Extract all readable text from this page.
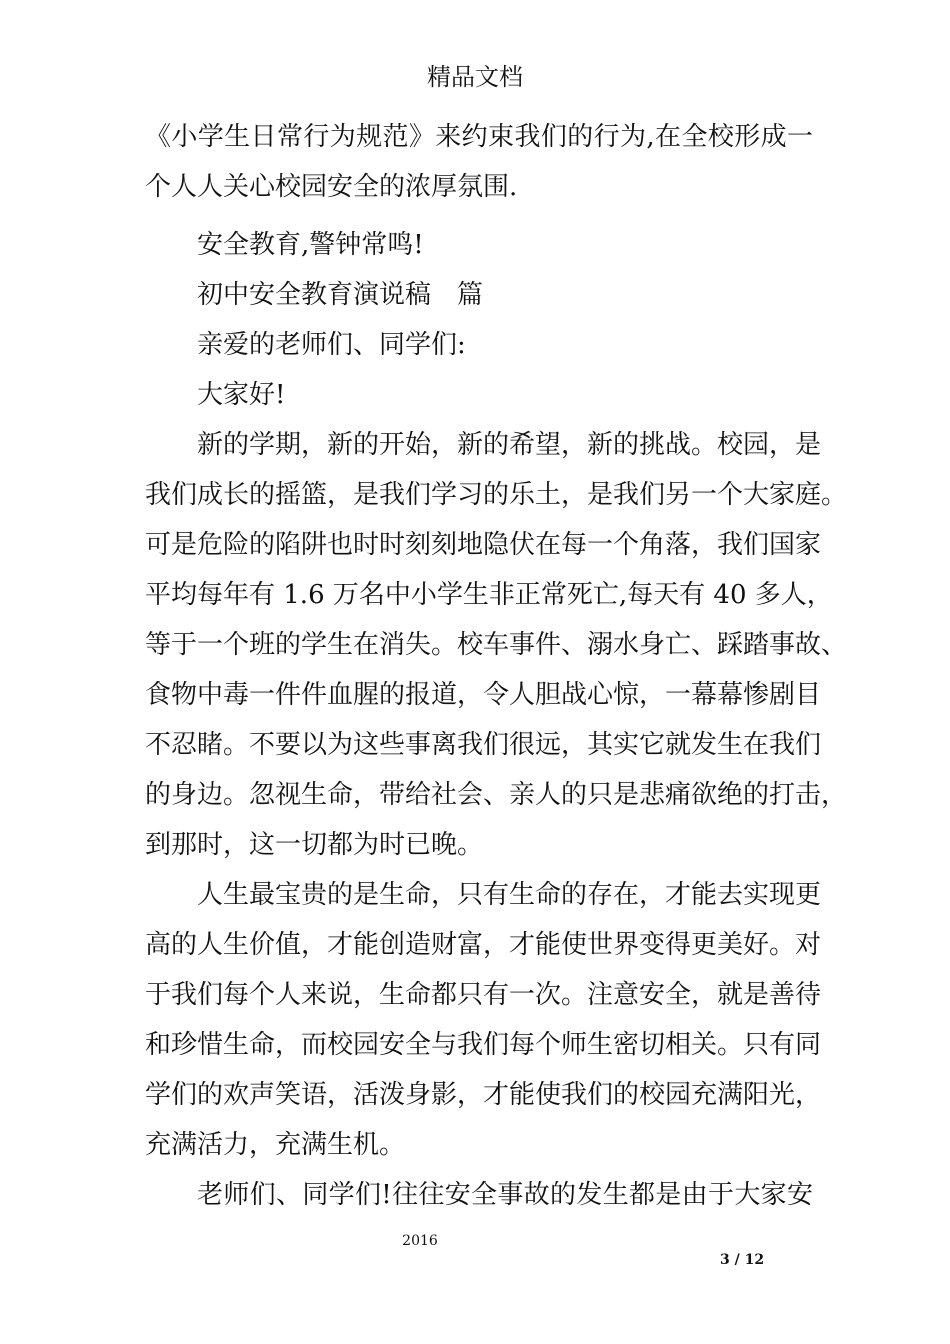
精品文档
《小学生日常行为规范》来约束我们的行为,在全校形成一
个人人关心校园安全的浓厚氛围.
安全教育,警钟常鸣!
初中安全教育演说稿　篇
亲爱的老师们、同学们:
大家好!
新的学期，新的开始，新的希望，新的挑战。校园，是
我们成长的摇篮，是我们学习的乐土，是我们另一个大家庭。
可是危险的陷阱也时时刻刻地隐伏在每一个角落，我们国家
平均每年有 1.6 万名中小学生非正常死亡,每天有 40 多人，
等于一个班的学生在消失。校车事件、溺水身亡、踩踏事故、
食物中毒一件件血腥的报道，令人胆战心惊，一幕幕惨剧目
不忍睹。不要以为这些事离我们很远，其实它就发生在我们
的身边。忽视生命，带给社会、亲人的只是悲痛欲绝的打击，
到那时，这一切都为时已晚。
人生最宝贵的是生命，只有生命的存在，才能去实现更
高的人生价值，才能创造财富，才能使世界变得更美好。对
于我们每个人来说，生命都只有一次。注意安全，就是善待
和珍惜生命，而校园安全与我们每个师生密切相关。只有同
学们的欢声笑语，活泼身影，才能使我们的校园充满阳光，
充满活力，充满生机。
老师们、同学们!往往安全事故的发生都是由于大家安
2016
3 / 12
